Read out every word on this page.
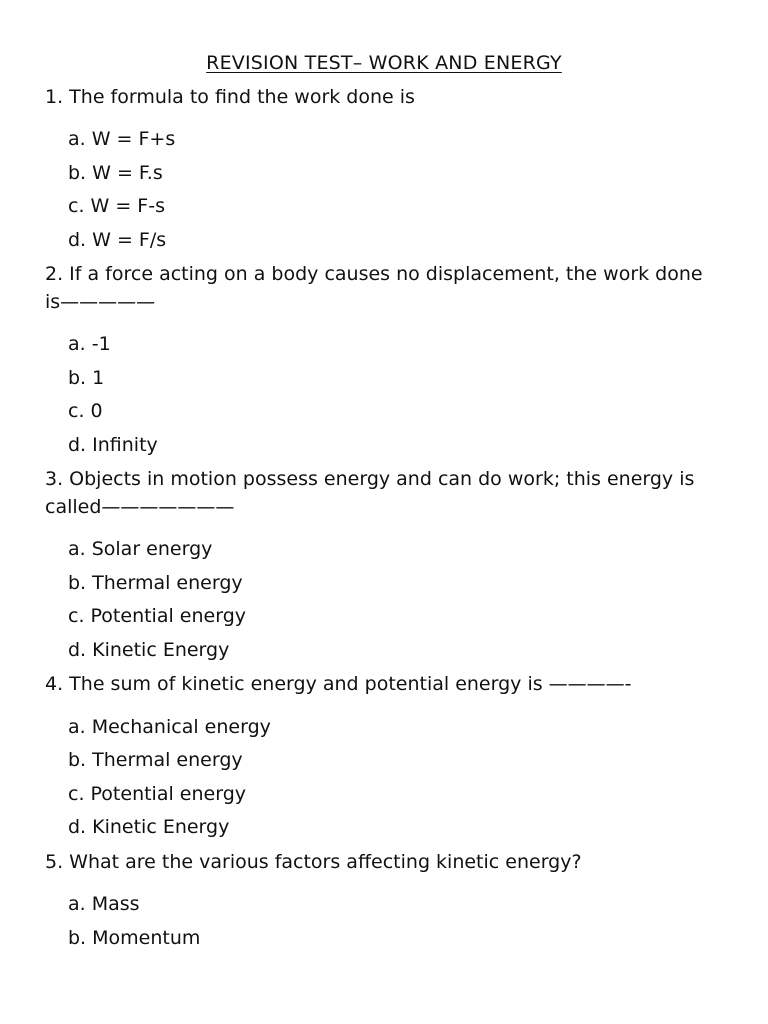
REVISION TEST– WORK AND ENERGY
1. The formula to find the work done is
a. W = F+s
b. W = F.s
c. W = F-s
d. W = F/s
2. If a force acting on a body causes no displacement, the work done is—————
a. -1
b. 1
c. 0
d. Infinity
3. Objects in motion possess energy and can do work; this energy is called———————
a. Solar energy
b. Thermal energy
c. Potential energy
d. Kinetic Energy
4. The sum of kinetic energy and potential energy is ————-
a. Mechanical energy
b. Thermal energy
c. Potential energy
d. Kinetic Energy
5. What are the various factors affecting kinetic energy?
a. Mass
b. Momentum
